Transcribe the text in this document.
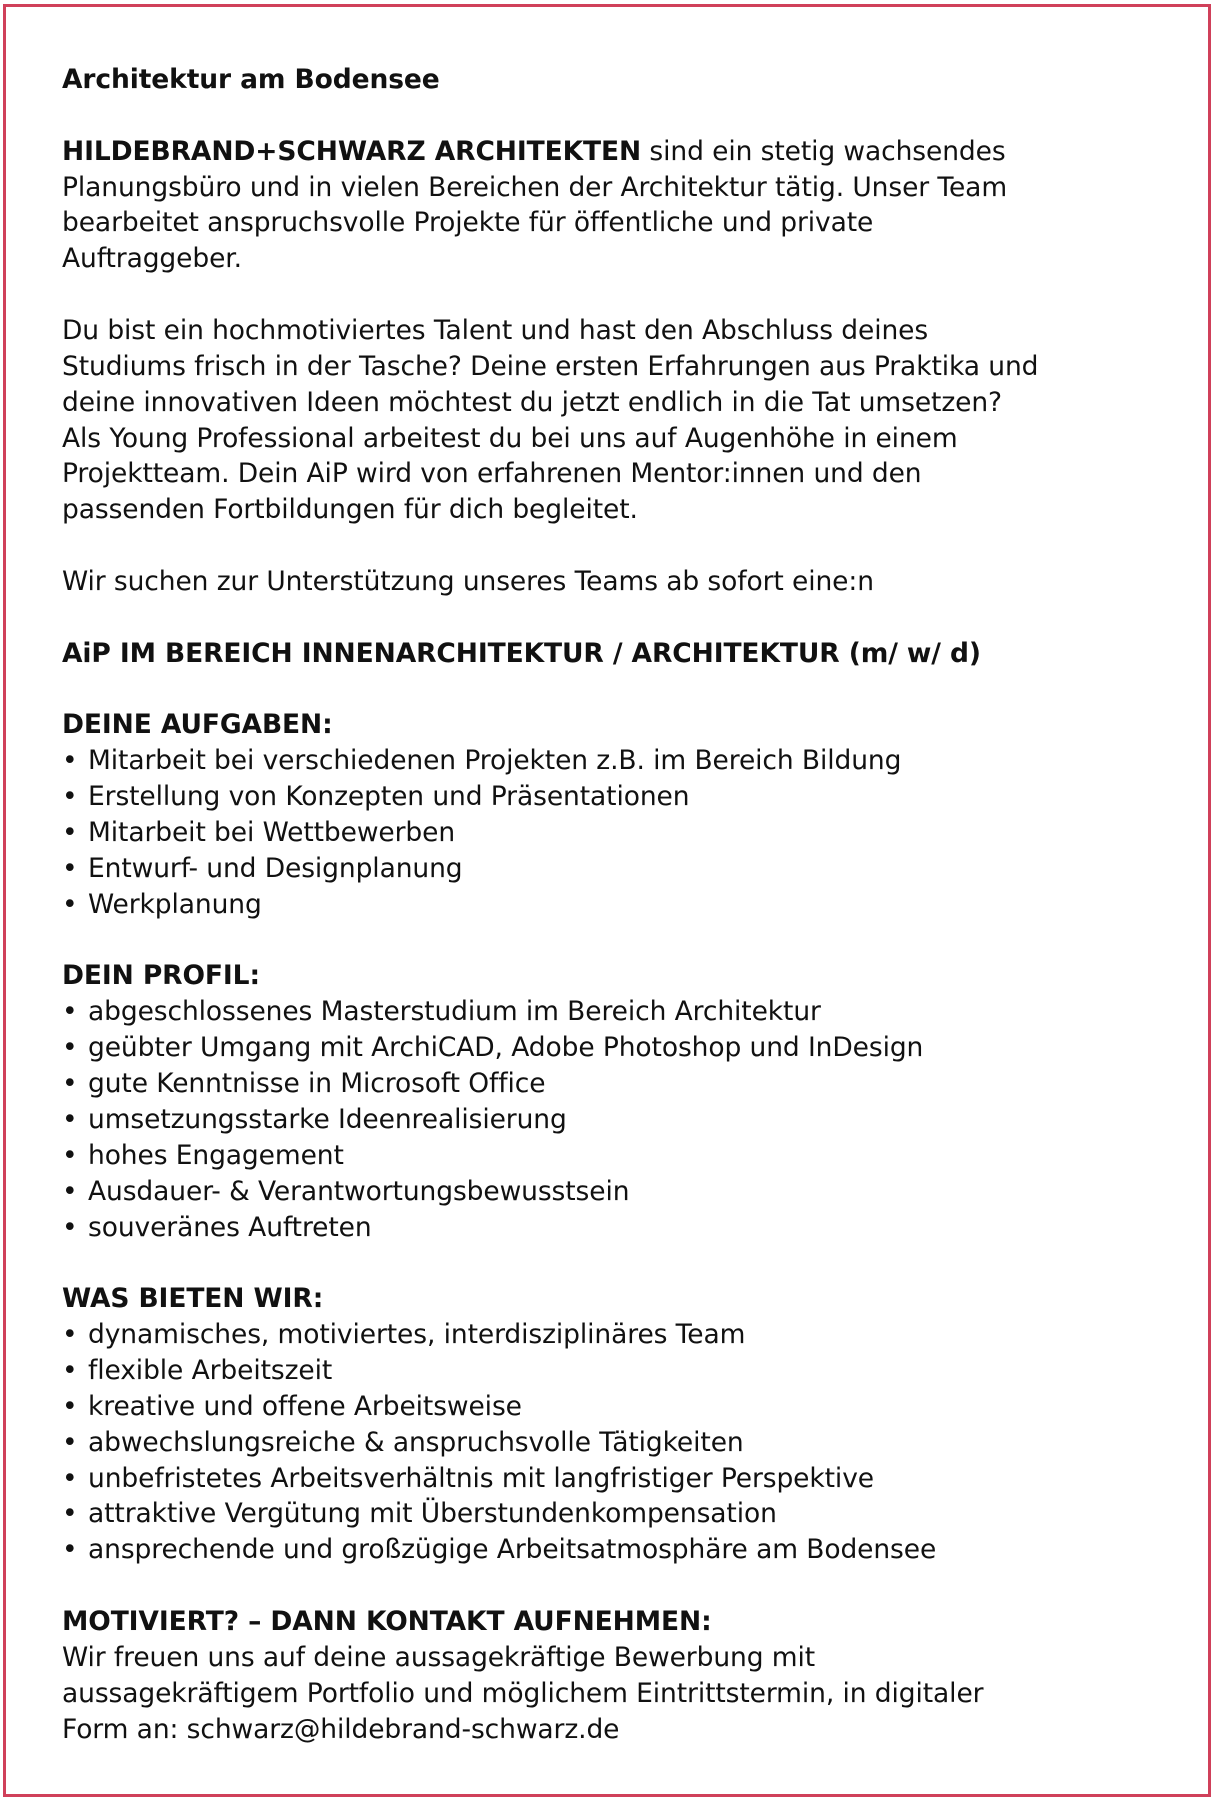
Architektur am Bodensee
HILDEBRAND+SCHWARZ ARCHITEKTEN sind ein stetig wachsendes
Planungsbüro und in vielen Bereichen der Architektur tätig. Unser Team
bearbeitet anspruchsvolle Projekte für öffentliche und private
Auftraggeber.
Du bist ein hochmotiviertes Talent und hast den Abschluss deines
Studiums frisch in der Tasche? Deine ersten Erfahrungen aus Praktika und
deine innovativen Ideen möchtest du jetzt endlich in die Tat umsetzen?
Als Young Professional arbeitest du bei uns auf Augenhöhe in einem
Projektteam. Dein AiP wird von erfahrenen Mentor:innen und den
passenden Fortbildungen für dich begleitet.
Wir suchen zur Unterstützung unseres Teams ab sofort eine:n
AiP IM BEREICH INNENARCHITEKTUR / ARCHITEKTUR (m/ w/ d)
DEINE AUFGABEN:
• Mitarbeit bei verschiedenen Projekten z.B. im Bereich Bildung
• Erstellung von Konzepten und Präsentationen
• Mitarbeit bei Wettbewerben
• Entwurf- und Designplanung
• Werkplanung
DEIN PROFIL:
• abgeschlossenes Masterstudium im Bereich Architektur
• geübter Umgang mit ArchiCAD, Adobe Photoshop und InDesign
• gute Kenntnisse in Microsoft Office
• umsetzungsstarke Ideenrealisierung
• hohes Engagement
• Ausdauer- & Verantwortungsbewusstsein
• souveränes Auftreten
WAS BIETEN WIR:
• dynamisches, motiviertes, interdisziplinäres Team
• flexible Arbeitszeit
• kreative und offene Arbeitsweise
• abwechslungsreiche & anspruchsvolle Tätigkeiten
• unbefristetes Arbeitsverhältnis mit langfristiger Perspektive
• attraktive Vergütung mit Überstundenkompensation
• ansprechende und großzügige Arbeitsatmosphäre am Bodensee
MOTIVIERT? – DANN KONTAKT AUFNEHMEN:
Wir freuen uns auf deine aussagekräftige Bewerbung mit
aussagekräftigem Portfolio und möglichem Eintrittstermin, in digitaler
Form an: schwarz@hildebrand-schwarz.de
